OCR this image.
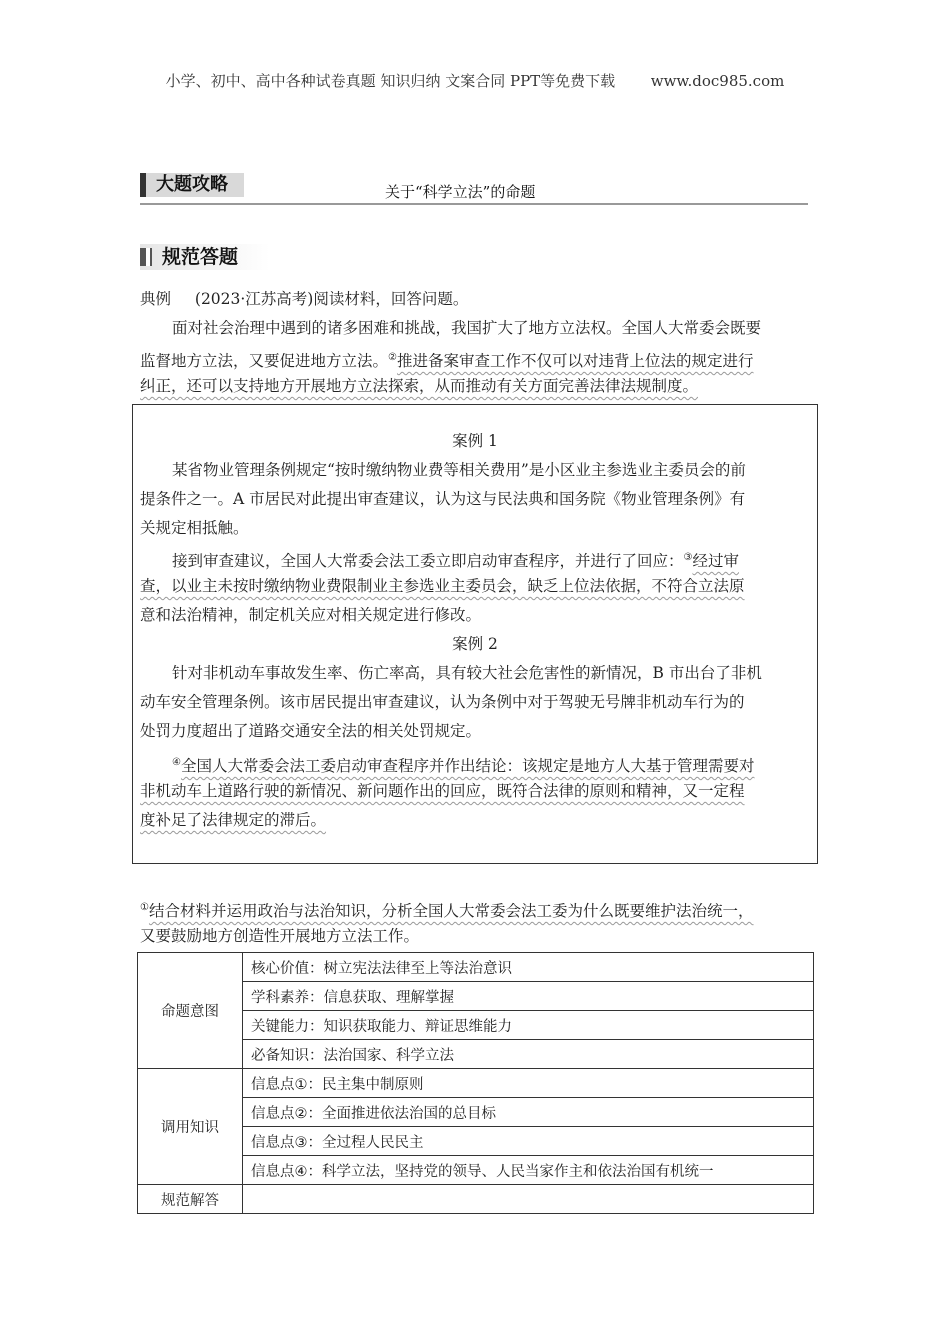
小学、初中、高中各种试卷真题 知识归纳 文案合同 PPT等免费下载 www.doc985.com
大题攻略	关于“科学立法”的命题
规范答题
典例 (2023·江苏高考)阅读材料，回答问题。
面对社会治理中遇到的诸多困难和挑战，我国扩大了地方立法权。全国人大常委会既要
监督地方立法，又要促进地方立法。②推进备案审查工作不仅可以对违背上位法的规定进行
纠正，还可以支持地方开展地方立法探索，从而推动有关方面完善法律法规制度。
案例 1
某省物业管理条例规定“按时缴纳物业费等相关费用”是小区业主参选业主委员会的前
提条件之一。A 市居民对此提出审查建议，认为这与民法典和国务院《物业管理条例》有
关规定相抵触。
接到审查建议，全国人大常委会法工委立即启动审查程序，并进行了回应：③经过审
查，以业主未按时缴纳物业费限制业主参选业主委员会，缺乏上位法依据，不符合立法原
意和法治精神，制定机关应对相关规定进行修改。
案例 2
针对非机动车事故发生率、伤亡率高，具有较大社会危害性的新情况，B 市出台了非机
动车安全管理条例。该市居民提出审查建议，认为条例中对于驾驶无号牌非机动车行为的
处罚力度超出了道路交通安全法的相关处罚规定。
④全国人大常委会法工委启动审查程序并作出结论：该规定是地方人大基于管理需要对
非机动车上道路行驶的新情况、新问题作出的回应，既符合法律的原则和精神，又一定程
度补足了法律规定的滞后。
①结合材料并运用政治与法治知识，分析全国人大常委会法工委为什么既要维护法治统一，
又要鼓励地方创造性开展地方立法工作。
命题意图	核心价值：树立宪法法律至上等法治意识
	学科素养：信息获取、理解掌握
	关键能力：知识获取能力、辩证思维能力
	必备知识：法治国家、科学立法
调用知识	信息点①：民主集中制原则
	信息点②：全面推进依法治国的总目标
	信息点③：全过程人民民主
	信息点④：科学立法，坚持党的领导、人民当家作主和依法治国有机统一
规范解答	
